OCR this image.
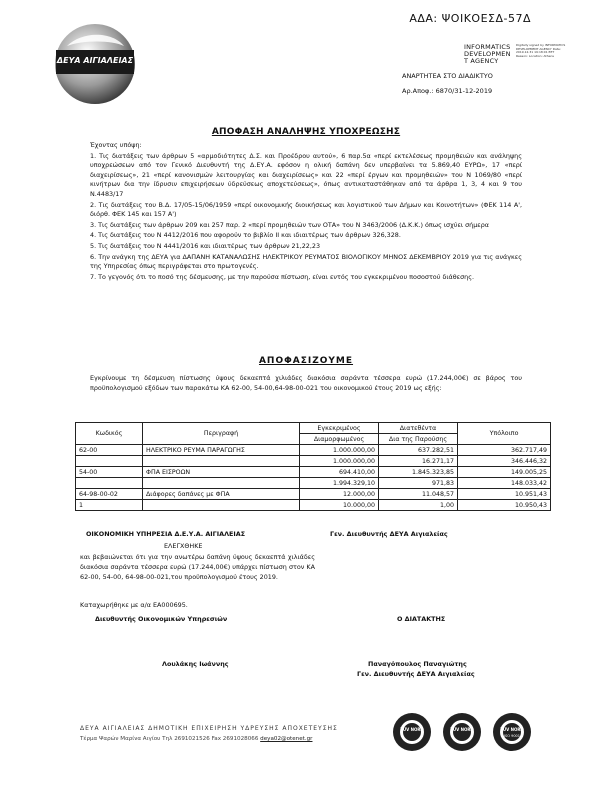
ΑΔΑ: ΨΟΙΚΟΕΣΔ-57Δ
ΔΕΥΑ ΑΙΓΙΑΛΕΙΑΣ
INFORMATICS DEVELOPMEN T AGENCYDigitally signed by INFORMATICS DEVELOPMENT AGENCY Date: 2019.12.31 19:18:01 EET Reason: Location: Athens
ΑΝΑΡΤΗΤΕΑ ΣΤΟ ΔΙΑΔΙΚΤΥΟ
Αρ.Αποφ.: 6870/31-12-2019
ΑΠΟΦΑΣΗ ΑΝΑΛΗΨΗΣ ΥΠΟΧΡΕΩΣΗΣ

Έχοντας υπόψη:

1. Τις διατάξεις των άρθρων 5 «αρμοδιότητες Δ.Σ. και Προέδρου αυτού», 6 παρ.5α «περί εκτελέσεως προμηθειών και ανάληψης υποχρεώσεων από τον Γενικό Διευθυντή της Δ.ΕΥ.Α. εφόσον η ολική δαπάνη δεν υπερβαίνει τα 5.869,40 ΕΥΡΩ», 17 «περί διαχειρίσεως», 21 «περί κανονισμών λειτουργίας και διαχειρίσεως» και 22 «περί έργων και προμηθειών» του Ν 1069/80 «περί κινήτρων δια την ίδρυσιν επιχειρήσεων ύδρεύσεως αποχετεύσεως», όπως αντικαταστάθηκαν από τα άρθρα 1, 3, 4 και 9 του Ν.4483/17

2. Τις διατάξεις του Β.Δ. 17/05-15/06/1959 «περί οικονομικής διοικήσεως και λογιστικού των Δήμων και Κοινοτήτων» (ΦΕΚ 114 Α', διόρθ. ΦΕΚ 145 και 157 Α')

3. Τις διατάξεις των άρθρων 209 και 257 παρ. 2 «περί προμηθειών των ΟΤΑ» του Ν 3463/2006 (Δ.Κ.Κ.) όπως ισχύει σήμερα

4. Τις διατάξεις του Ν 4412/2016 που αφορούν το βιβλίο ΙΙ και ιδιαιτέρως των άρθρων 326,328.

5. Τις διατάξεις του Ν 4441/2016 και ιδιαιτέρως των άρθρων 21,22,23

6. Την ανάγκη της ΔΕΥΑ για ΔΑΠΑΝΗ ΚΑΤΑΝΑΛΩΣΗΣ ΗΛΕΚΤΡΙΚΟΥ ΡΕΥΜΑΤΟΣ ΒΙΟΛΟΓΙΚΟΥ ΜΗΝΟΣ ΔΕΚΕΜΒΡΙΟΥ 2019 για τις ανάγκες της Υπηρεσίας όπως περιγράφεται στο πρωτογενές.

7. Το γεγονός ότι το ποσό της δέσμευσης, με την παρούσα πίστωση, είναι εντός του εγκεκριμένου ποσοστού διάθεσης.

ΑΠΟΦΑΣΙΖΟΥΜΕ
Εγκρίνουμε τη δέσμευση πίστωσης ύψους δεκαεπτά χιλιάδες διακόσια σαράντα τέσσερα ευρώ (17.244,00€) σε βάρος του προϋπολογισμού εξόδων των παρακάτω ΚΑ 62-00, 54-00,64-98-00-021 του οικονομικού έτους 2019 ως εξής:
Κωδικός	Περιγραφή	Εγκεκριμένος	Διατεθέντα	Υπόλοιπο
		Διαμορφωμένος	Δια της Παρούσης	
62-00	ΗΛΕΚΤΡΙΚΟ ΡΕΥΜΑ ΠΑΡΑΓΩΓΗΣ	1.000.000,00	637.282,51	362.717,49
		1.000.000,00	16.271,17	346.446,32
54-00	ΦΠΑ ΕΙΣΡΟΩΝ	694.410,00	1.845.323,85	149.005,25
		1.994.329,10	971,83	148.033,42
64-98-00-02	Διάφορες δαπάνες με ΦΠΑ	12.000,00	11.048,57	10.951,43
1		10.000,00	1,00	10.950,43
ΟΙΚΟΝΟΜΙΚΗ ΥΠΗΡΕΣΙΑ Δ.Ε.Υ.Α. ΑΙΓΙΑΛΕΙΑΣ	Γεν. Διευθυντής ΔΕΥΑ Αιγιαλείας
ΕΛΕΓΧΘΗΚΕ
και βεβαιώνεται ότι για την ανωτέρω δαπάνη ύψους δεκαεπτά χιλιάδες διακόσια σαράντα τέσσερα ευρώ (17.244,00€) υπάρχει πίστωση στον ΚΑ 62-00, 54-00, 64-98-00-021,του προϋπολογισμού έτους 2019.
Καταχωρήθηκε με α/α ΕΑ000695.
Διευθυντής Οικονομικών Υπηρεσιών	Ο ΔΙΑΤΑΚΤΗΣ
Λουλάκης Ιωάννης	Παναγόπουλος Παναγιώτης
Γεν. Διευθυντής ΔΕΥΑ Αιγιαλείας
ΔΕΥΑ ΑΙΓΙΑΛΕΙΑΣ ΔΗΜΟΤΙΚΗ ΕΠΙΧΕΙΡΗΣΗ ΥΔΡΕΥΣΗΣ ΑΠΟΧΕΤΕΥΣΗΣ
Τέρμα Ψαρών Μαρίνα Αιγίου Τηλ 2691021526 Fax 2691028066 deya02@otenet.gr
TÜV NORD	TÜV NORD	TÜV NORD
ISO 9001
